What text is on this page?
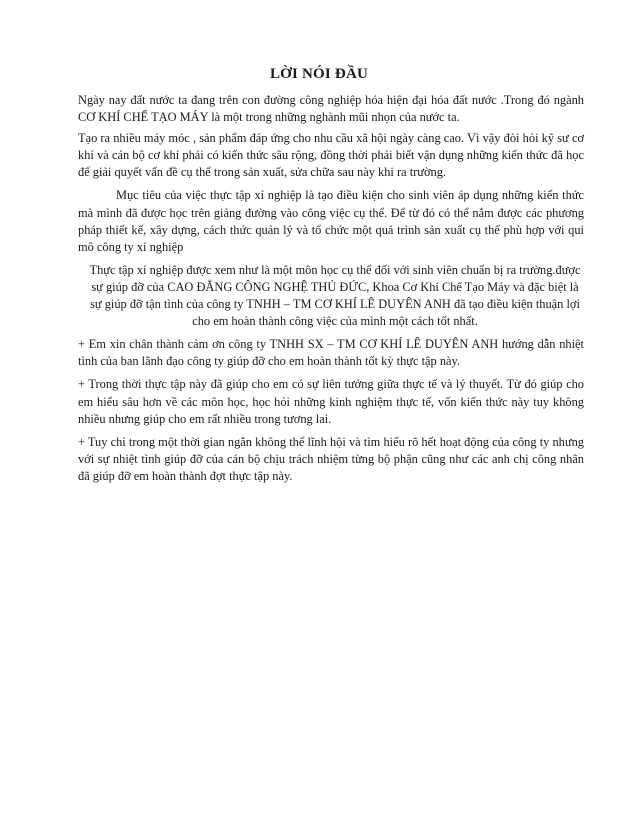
LỜI NÓI ĐẦU

Ngày nay đất nước ta đang trên con đường công nghiệp hóa hiện đại hóa đất nước .Trong đó ngành CƠ KHÍ CHẾ TẠO MÁY là một trong những nghành mũi nhọn của nước ta.

Tạo ra nhiều máy móc , sản phẩm đáp ứng cho nhu cầu xã hội ngày càng cao. Vì vậy đòi hỏi kỹ sư cơ khí và cán bộ cơ khí phải có kiến thức sâu rộng, đồng thời phải biết vận dụng những kiến thức đã học để giải quyết vấn đề cụ thể trong sản xuất, sửa chữa sau này khi ra trường.

Mục tiêu của việc thực tập xí nghiệp là tạo điều kiện cho sinh viên áp dụng những kiến thức mà mình đã được học trên giảng đường vào công việc cụ thể. Để từ đó có thể nắm được các phương pháp thiết kế, xây dựng, cách thức quản lý và tổ chức một quá trình sản xuất cụ thể phù hợp với qui mô công ty xí nghiệp

Thực tập xí nghiệp được xem như là một môn học cụ thể đối với sinh viên chuẩn bị ra trường.được sự giúp đỡ của CAO ĐẲNG CÔNG NGHỆ THỦ ĐỨC, Khoa Cơ Khí Chế Tạo Máy và đặc biệt là sự giúp đỡ tận tình của công ty TNHH – TM CƠ KHÍ LÊ DUYÊN ANH đã tạo điều kiện thuận lợi cho em hoàn thành công việc của mình một cách tốt nhất.

+ Em xin chân thành cảm ơn công ty TNHH SX – TM CƠ KHÍ LÊ DUYÊN ANH hướng dẫn nhiệt tình của ban lãnh đạo công ty giúp đỡ cho em hoàn thành tốt kỳ thực tập này.

+ Trong thời thực tập này đã giúp cho em có sự liên tưởng giữa thực tế và lý thuyết. Từ đó giúp cho em hiểu sâu hơn về các môn học, học hỏi những kinh nghiệm thực tế, vốn kiến thức này tuy không nhiều nhưng giúp cho em rất nhiều trong tương lai.

+ Tuy chỉ trong một thời gian ngắn không thể lĩnh hội và tìm hiểu rõ hết hoạt động của công ty nhưng với sự nhiệt tình giúp đỡ của cán bộ chịu trách nhiệm từng bộ phận cũng như các anh chị công nhân đã giúp đỡ em hoàn thành đợt thực tập này.
